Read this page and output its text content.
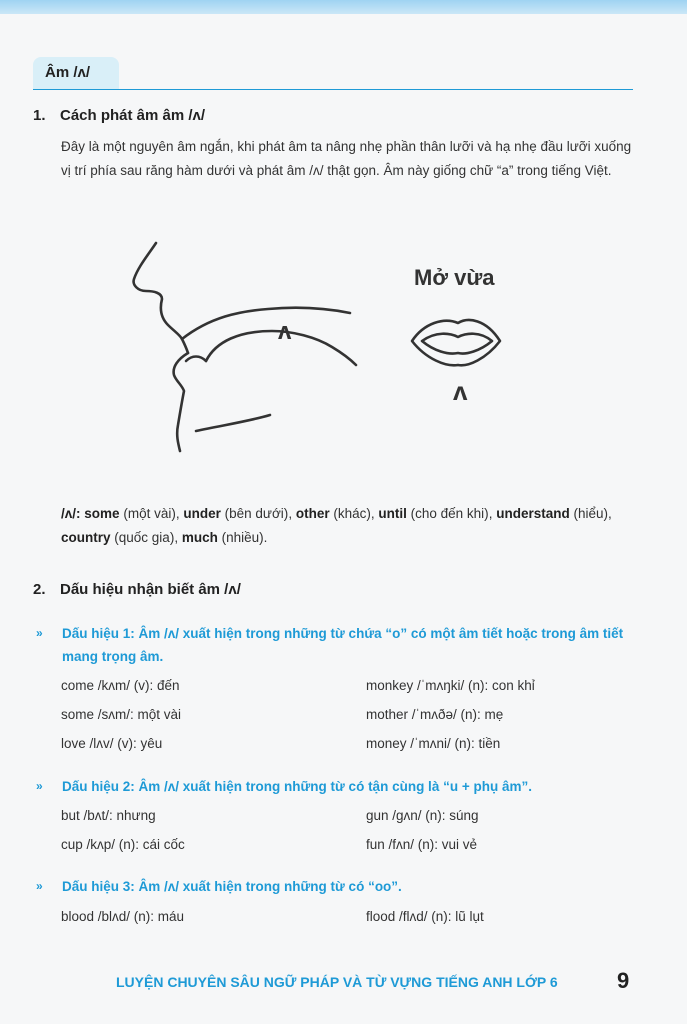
Âm /ʌ/
1. Cách phát âm âm /ʌ/
Đây là một nguyên âm ngắn, khi phát âm ta nâng nhẹ phần thân lưỡi và hạ nhẹ đầu lưỡi xuống vị trí phía sau răng hàm dưới và phát âm /ʌ/ thật gọn. Âm này giống chữ “a” trong tiếng Việt.
ʌ
ʌ
Mở vừa
/ʌ/: some (một vài), under (bên dưới), other (khác), until (cho đến khi), understand (hiểu), country (quốc gia), much (nhiều).
2. Dấu hiệu nhận biết âm /ʌ/
» Dấu hiệu 1: Âm /ʌ/ xuất hiện trong những từ chứa “o” có một âm tiết hoặc trong âm tiết mang trọng âm.
come /kʌm/ (v): đến
some /sʌm/: một vài
love /lʌv/ (v): yêu
monkey /ˈmʌŋki/ (n): con khỉ
mother /ˈmʌðə/ (n): mẹ
money /ˈmʌni/ (n): tiền
» Dấu hiệu 2: Âm /ʌ/ xuất hiện trong những từ có tận cùng là “u + phụ âm”.
but /bʌt/: nhưng
cup /kʌp/ (n): cái cốc
gun /gʌn/ (n): súng
fun /fʌn/ (n): vui vẻ
» Dấu hiệu 3: Âm /ʌ/ xuất hiện trong những từ có “oo”.
blood /blʌd/ (n): máu	flood /flʌd/ (n): lũ lụt
LUYỆN CHUYÊN SÂU NGỮ PHÁP VÀ TỪ VỰNG TIẾNG ANH LỚP 6	9
